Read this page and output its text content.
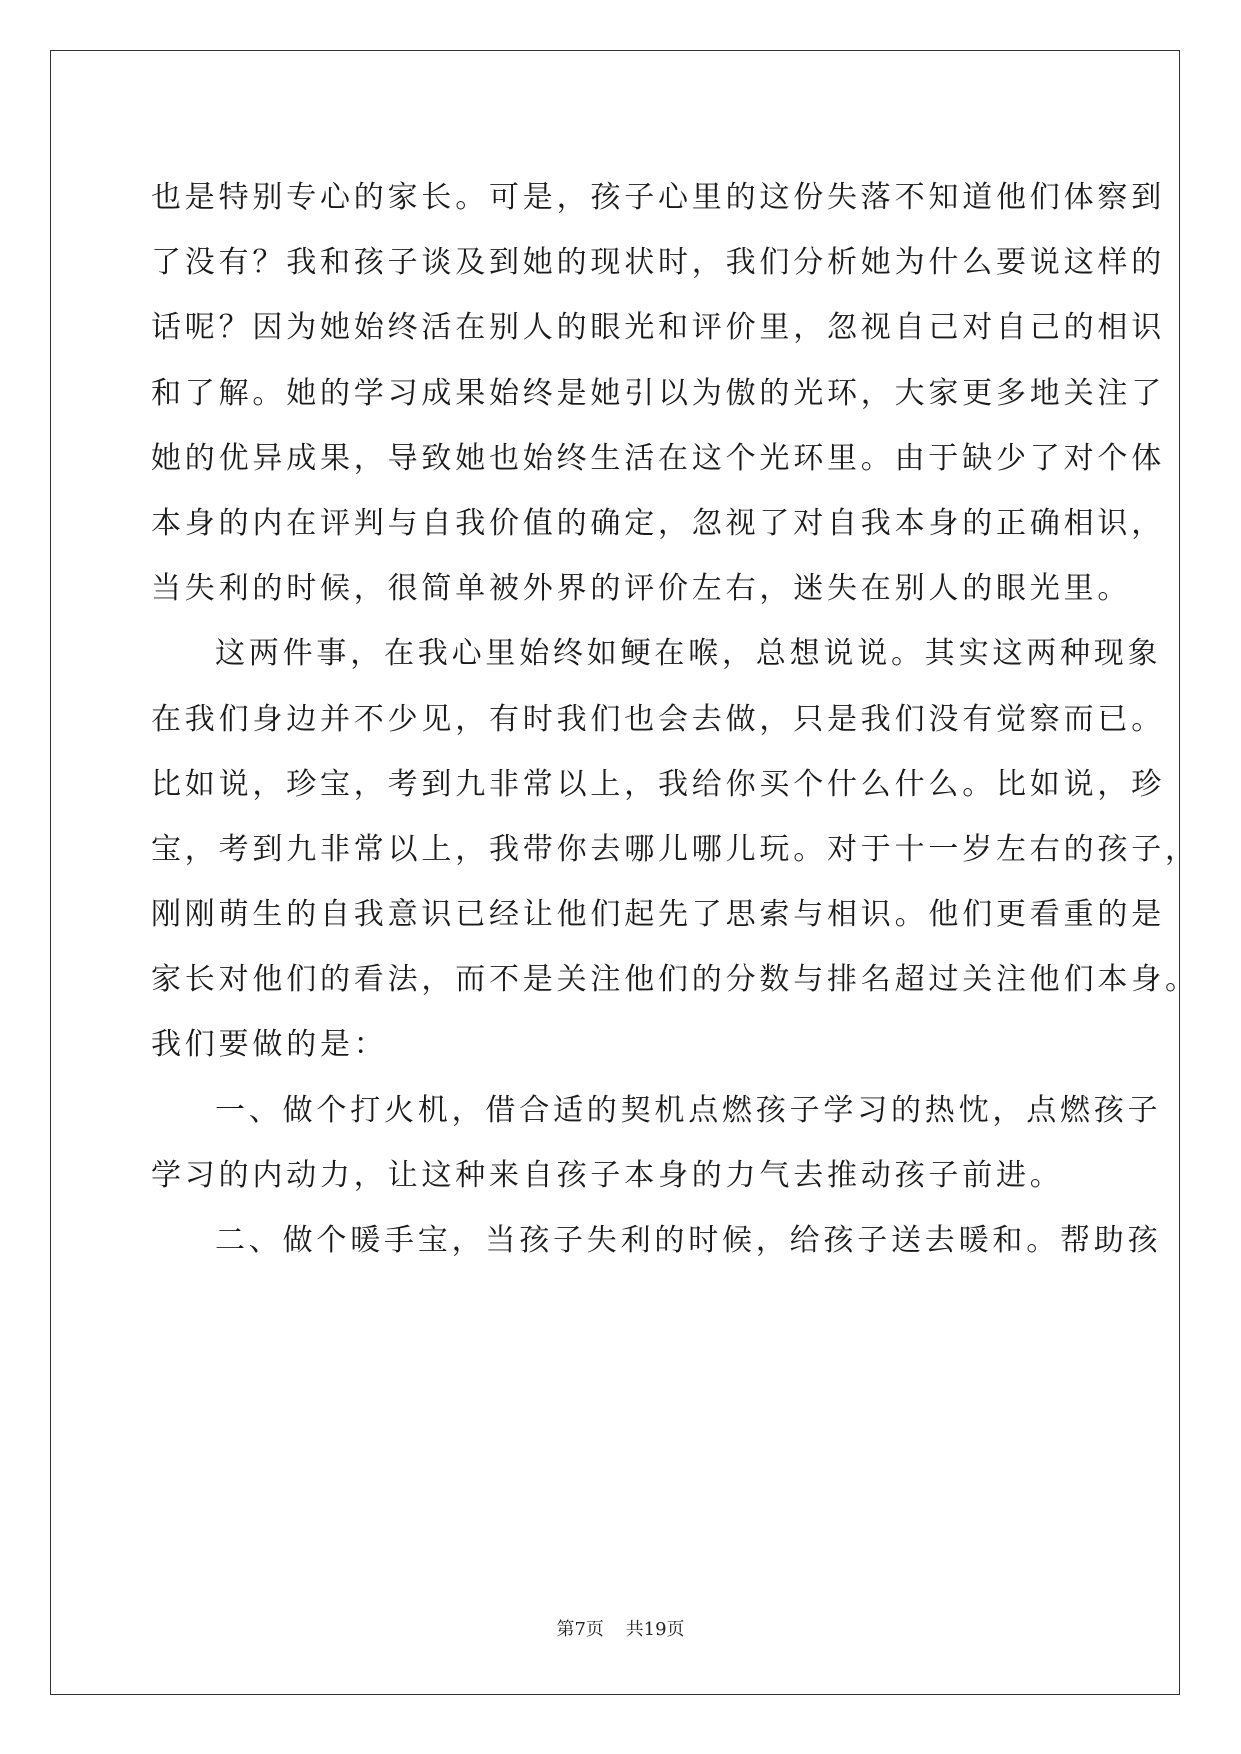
也是特别专心的家长。可是，孩子心里的这份失落不知道他们体察到

了没有？我和孩子谈及到她的现状时，我们分析她为什么要说这样的

话呢？因为她始终活在别人的眼光和评价里，忽视自己对自己的相识

和了解。她的学习成果始终是她引以为傲的光环，大家更多地关注了

她的优异成果，导致她也始终生活在这个光环里。由于缺少了对个体

本身的内在评判与自我价值的确定，忽视了对自我本身的正确相识，

当失利的时候，很简单被外界的评价左右，迷失在别人的眼光里。

这两件事，在我心里始终如鲠在喉，总想说说。其实这两种现象

在我们身边并不少见，有时我们也会去做，只是我们没有觉察而已。

比如说，珍宝，考到九非常以上，我给你买个什么什么。比如说，珍

宝，考到九非常以上，我带你去哪儿哪儿玩。对于十一岁左右的孩子，

刚刚萌生的自我意识已经让他们起先了思索与相识。他们更看重的是

家长对他们的看法，而不是关注他们的分数与排名超过关注他们本身。

我们要做的是：

一、做个打火机，借合适的契机点燃孩子学习的热忱，点燃孩子

学习的内动力，让这种来自孩子本身的力气去推动孩子前进。

二、做个暖手宝，当孩子失利的时候，给孩子送去暖和。帮助孩

第7页 共19页
